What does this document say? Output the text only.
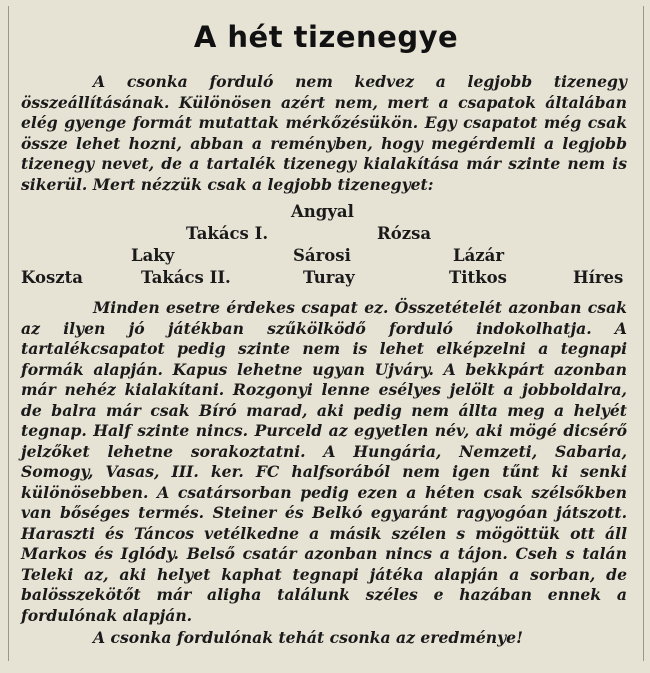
A hét tizenegye
A csonka forduló nem kedvez a legjobb tizenegy összeállításának. Különösen azért nem, mert a csapatok általában elég gyenge formát mutattak mérkőzésükön. Egy csapatot még csak össze lehet hozni, abban a reményben, hogy megérdemli a legjobb tizenegy nevet, de a tartalék tizenegy kialakítása már szinte nem is sikerül. Mert nézzük csak a legjobb tizenegyet:
Angyal
Takács I.	Rózsa
Laky	Sárosi	Lázár
Koszta	Takács II.	Turay	Titkos	Híres
Minden esetre érdekes csapat ez. Összetételét azonban csak az ilyen jó játékban szűkölködő forduló indokolhatja. A tartalékcsapatot pedig szinte nem is lehet elképzelni a tegnapi formák alapján. Kapus lehetne ugyan Ujváry. A bekkpárt azonban már nehéz kialakítani. Rozgonyi lenne esélyes jelölt a jobboldalra, de balra már csak Bíró marad, aki pedig nem állta meg a helyét tegnap. Half szinte nincs. Purceld az egyetlen név, aki mögé dicsérő jelzőket lehetne sorakoztatni. A Hungária, Nemzeti, Sabaria, Somogy, Vasas, III. ker. FC halfsorából nem igen tűnt ki senki különösebben. A csatársorban pedig ezen a héten csak szélsőkben van bőséges termés. Steiner és Belkó egyaránt ragyogóan játszott. Haraszti és Táncos vetélkedne a másik szélen s mögöttük ott áll Markos és Iglódy. Belső csatár azonban nincs a tájon. Cseh s talán Teleki az, aki helyet kaphat tegnapi játéka alapján a sorban, de balösszekötőt már aligha találunk széles e hazában ennek a fordulónak alapján.
A csonka fordulónak tehát csonka az eredménye!
